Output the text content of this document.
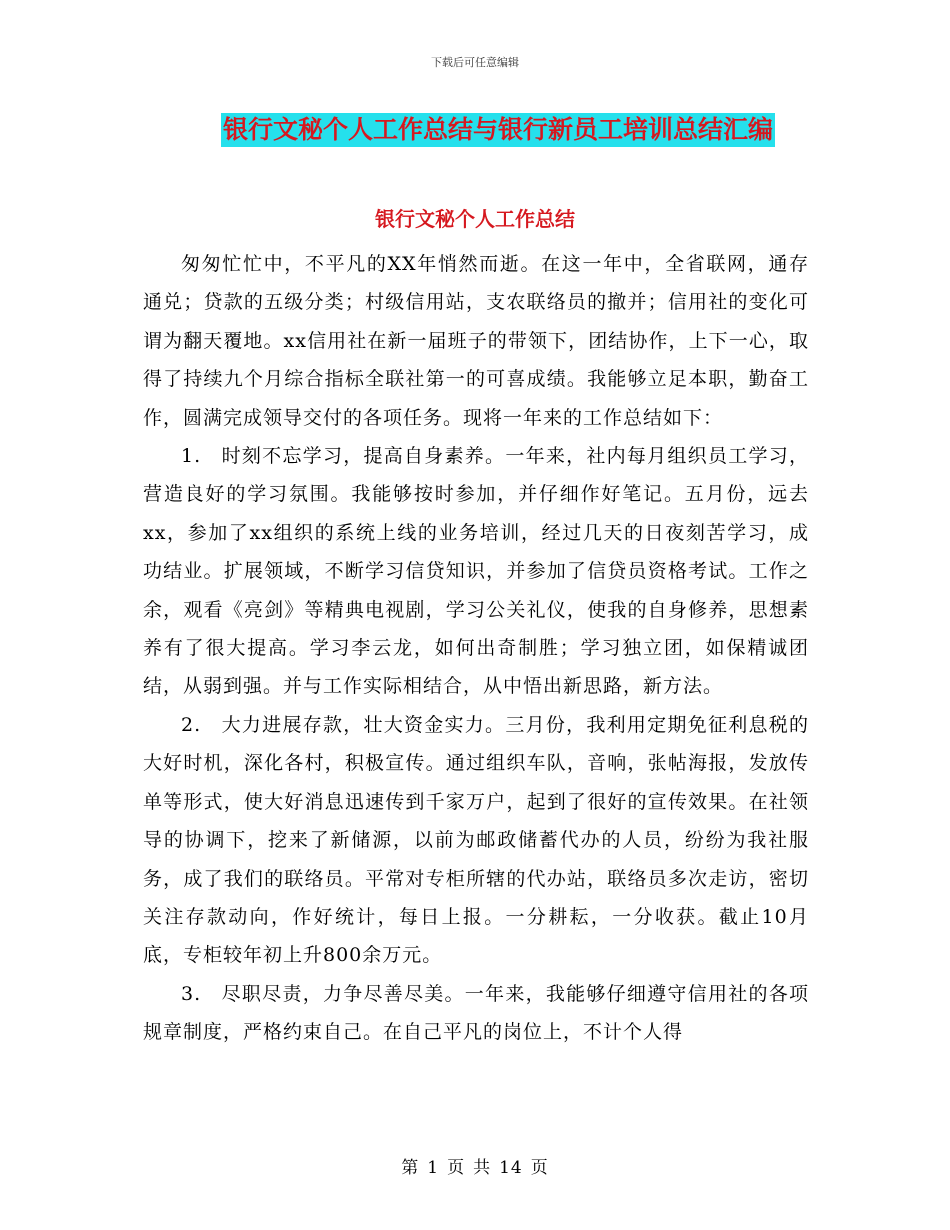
下载后可任意编辑
银行文秘个人工作总结与银行新员工培训总结汇编
银行文秘个人工作总结

匆匆忙忙中，不平凡的XX年悄然而逝。在这一年中，全省联网，通存通兑；贷款的五级分类；村级信用站，支农联络员的撤并；信用社的变化可谓为翻天覆地。xx信用社在新一届班子的带领下，团结协作，上下一心，取得了持续九个月综合指标全联社第一的可喜成绩。我能够立足本职，勤奋工作，圆满完成领导交付的各项任务。现将一年来的工作总结如下：

1.　时刻不忘学习，提高自身素养。一年来，社内每月组织员工学习，营造良好的学习氛围。我能够按时参加，并仔细作好笔记。五月份，远去xx，参加了xx组织的系统上线的业务培训，经过几天的日夜刻苦学习，成功结业。扩展领域，不断学习信贷知识，并参加了信贷员资格考试。工作之余，观看《亮剑》等精典电视剧，学习公关礼仪，使我的自身修养，思想素养有了很大提高。学习李云龙，如何出奇制胜；学习独立团，如保精诚团结，从弱到强。并与工作实际相结合，从中悟出新思路，新方法。

2.　大力进展存款，壮大资金实力。三月份，我利用定期免征利息税的大好时机，深化各村，积极宣传。通过组织车队，音响，张帖海报，发放传单等形式，使大好消息迅速传到千家万户，起到了很好的宣传效果。在社领导的协调下，挖来了新储源，以前为邮政储蓄代办的人员，纷纷为我社服务，成了我们的联络员。平常对专柜所辖的代办站，联络员多次走访，密切关注存款动向，作好统计，每日上报。一分耕耘，一分收获。截止10月底，专柜较年初上升800余万元。

3.　尽职尽责，力争尽善尽美。一年来，我能够仔细遵守信用社的各项规章制度，严格约束自己。在自己平凡的岗位上，不计个人得

第 1 页 共 14 页
